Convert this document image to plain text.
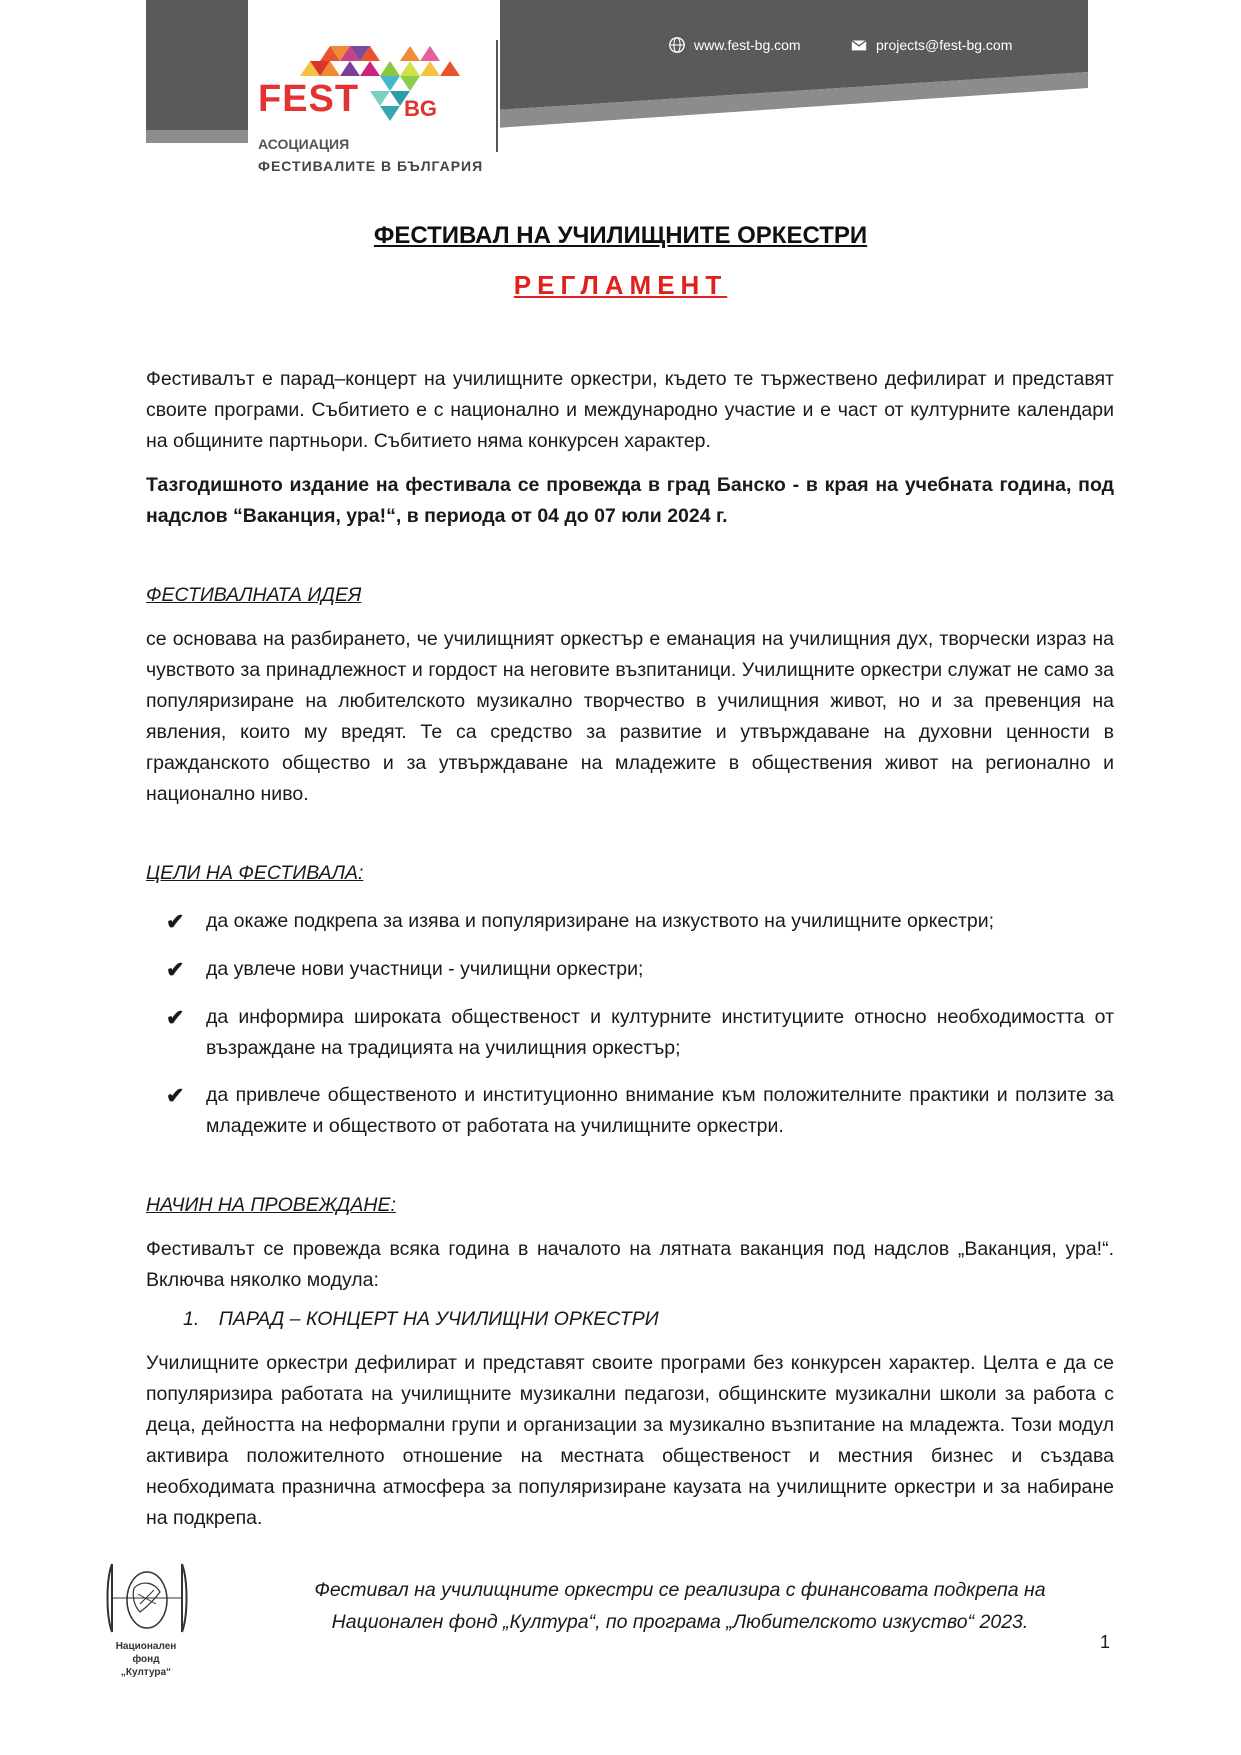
FEST BG
АСОЦИАЦИЯ
ФЕСТИВАЛИТЕ В БЪЛГАРИЯ
www.fest-bg.com	projects@fest-bg.com
ФЕСТИВАЛ НА УЧИЛИЩНИТЕ ОРКЕСТРИ
РЕГЛАМЕНТ
Фестивалът е парад–концерт на училищните оркестри, където те тържествено дефилират и представят своите програми. Събитието е с национално и международно участие и е част от културните календари на общините партньори. Събитието няма конкурсен характер.
Тазгодишното издание на фестивала се провежда в град Банско - в края на учебната година, под надслов “Ваканция, ура!“, в периода от 04 до 07 юли 2024 г.
ФЕСТИВАЛНАТА ИДЕЯ
се основава на разбирането, че училищният оркестър е еманация на училищния дух, творчески израз на чувството за принадлежност и гордост на неговите възпитаници. Училищните оркестри служат не само за популяризиране на любителското музикално творчество в училищния живот, но и за превенция на явления, които му вредят. Те са средство за развитие и утвърждаване на духовни ценности в гражданското общество и за утвърждаване на младежите в обществения живот на регионално и национално ниво.
ЦЕЛИ НА ФЕСТИВАЛА:
✔ да окаже подкрепа за изява и популяризиране на изкуството на училищните оркестри;
✔ да увлече нови участници - училищни оркестри;
✔ да информира широката общественост и културните институциите относно необходимостта от възраждане на традицията на училищния оркестър;
✔ да привлече общественото и институционно внимание към положителните практики и ползите за младежите и обществото от работата на училищните оркестри.
НАЧИН НА ПРОВЕЖДАНЕ:
Фестивалът се провежда всяка година в началото на лятната ваканция под надслов „Ваканция, ура!“. Включва няколко модула:
1. ПАРАД – КОНЦЕРТ НА УЧИЛИЩНИ ОРКЕСТРИ
Училищните оркестри дефилират и представят своите програми без конкурсен характер. Целта е да се популяризира работата на училищните музикални педагози, общинските музикални школи за работа с деца, дейността на неформални групи и организации за музикално възпитание на младежта. Този модул активира положителното отношение на местната общественост и местния бизнес и създава необходимата празнична атмосфера за популяризиране каузата на училищните оркестри и за набиране на подкрепа.
Национален
фонд
„Култура“
Фестивал на училищните оркестри се реализира с финансовата подкрепа на
Национален фонд „Култура“, по програма „Любителското изкуство“ 2023.
1
